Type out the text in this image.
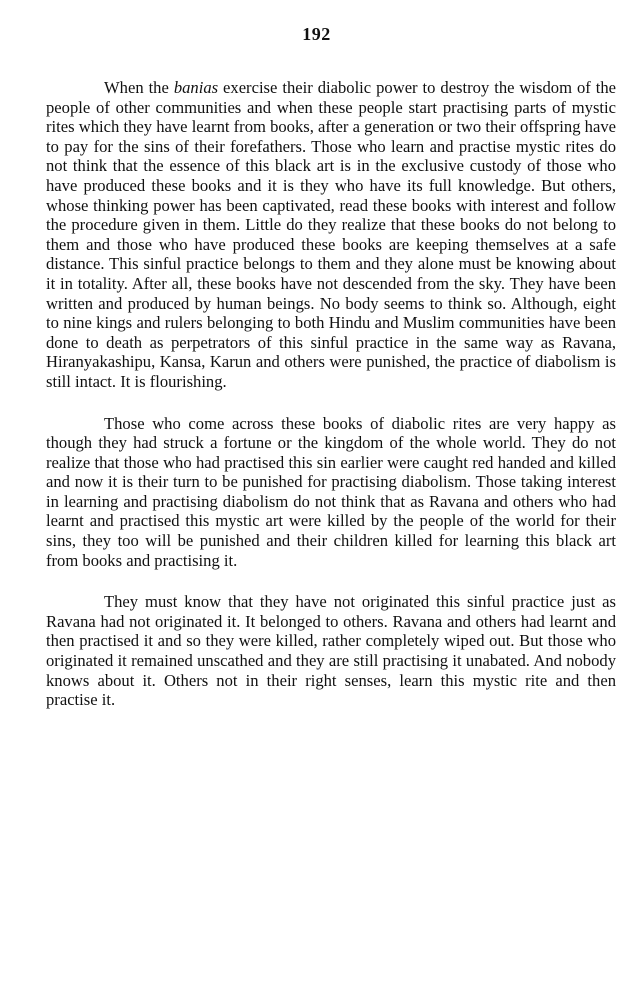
192

When the banias exercise their diabolic power to destroy the wisdom of the people of other communities and when these people start practising parts of mystic rites which they have learnt from books, after a generation or two their offspring have to pay for the sins of their forefathers. Those who learn and practise mystic rites do not think that the essence of this black art is in the exclusive custody of those who have produced these books and it is they who have its full knowledge. But others, whose thinking power has been captivated, read these books with interest and follow the procedure given in them. Little do they realize that these books do not belong to them and those who have produced these books are keeping themselves at a safe distance. This sinful practice belongs to them and they alone must be knowing about it in totality. After all, these books have not descended from the sky. They have been written and produced by human beings. No body seems to think so. Although, eight to nine kings and rulers belonging to both Hindu and Muslim communities have been done to death as perpetrators of this sinful practice in the same way as Ravana, Hiranyakashipu, Kansa, Karun and others were punished, the practice of diabolism is still intact. It is flourishing.

Those who come across these books of diabolic rites are very happy as though they had struck a fortune or the kingdom of the whole world. They do not realize that those who had practised this sin earlier were caught red handed and killed and now it is their turn to be punished for practising diabolism. Those taking interest in learning and practising diabolism do not think that as Ravana and others who had learnt and practised this mystic art were killed by the people of the world for their sins, they too will be punished and their children killed for learning this black art from books and practising it.

They must know that they have not originated this sinful practice just as Ravana had not originated it. It belonged to others. Ravana and others had learnt and then practised it and so they were killed, rather completely wiped out. But those who originated it remained unscathed and they are still practising it unabated. And nobody knows about it. Others not in their right senses, learn this mystic rite and then practise it.
